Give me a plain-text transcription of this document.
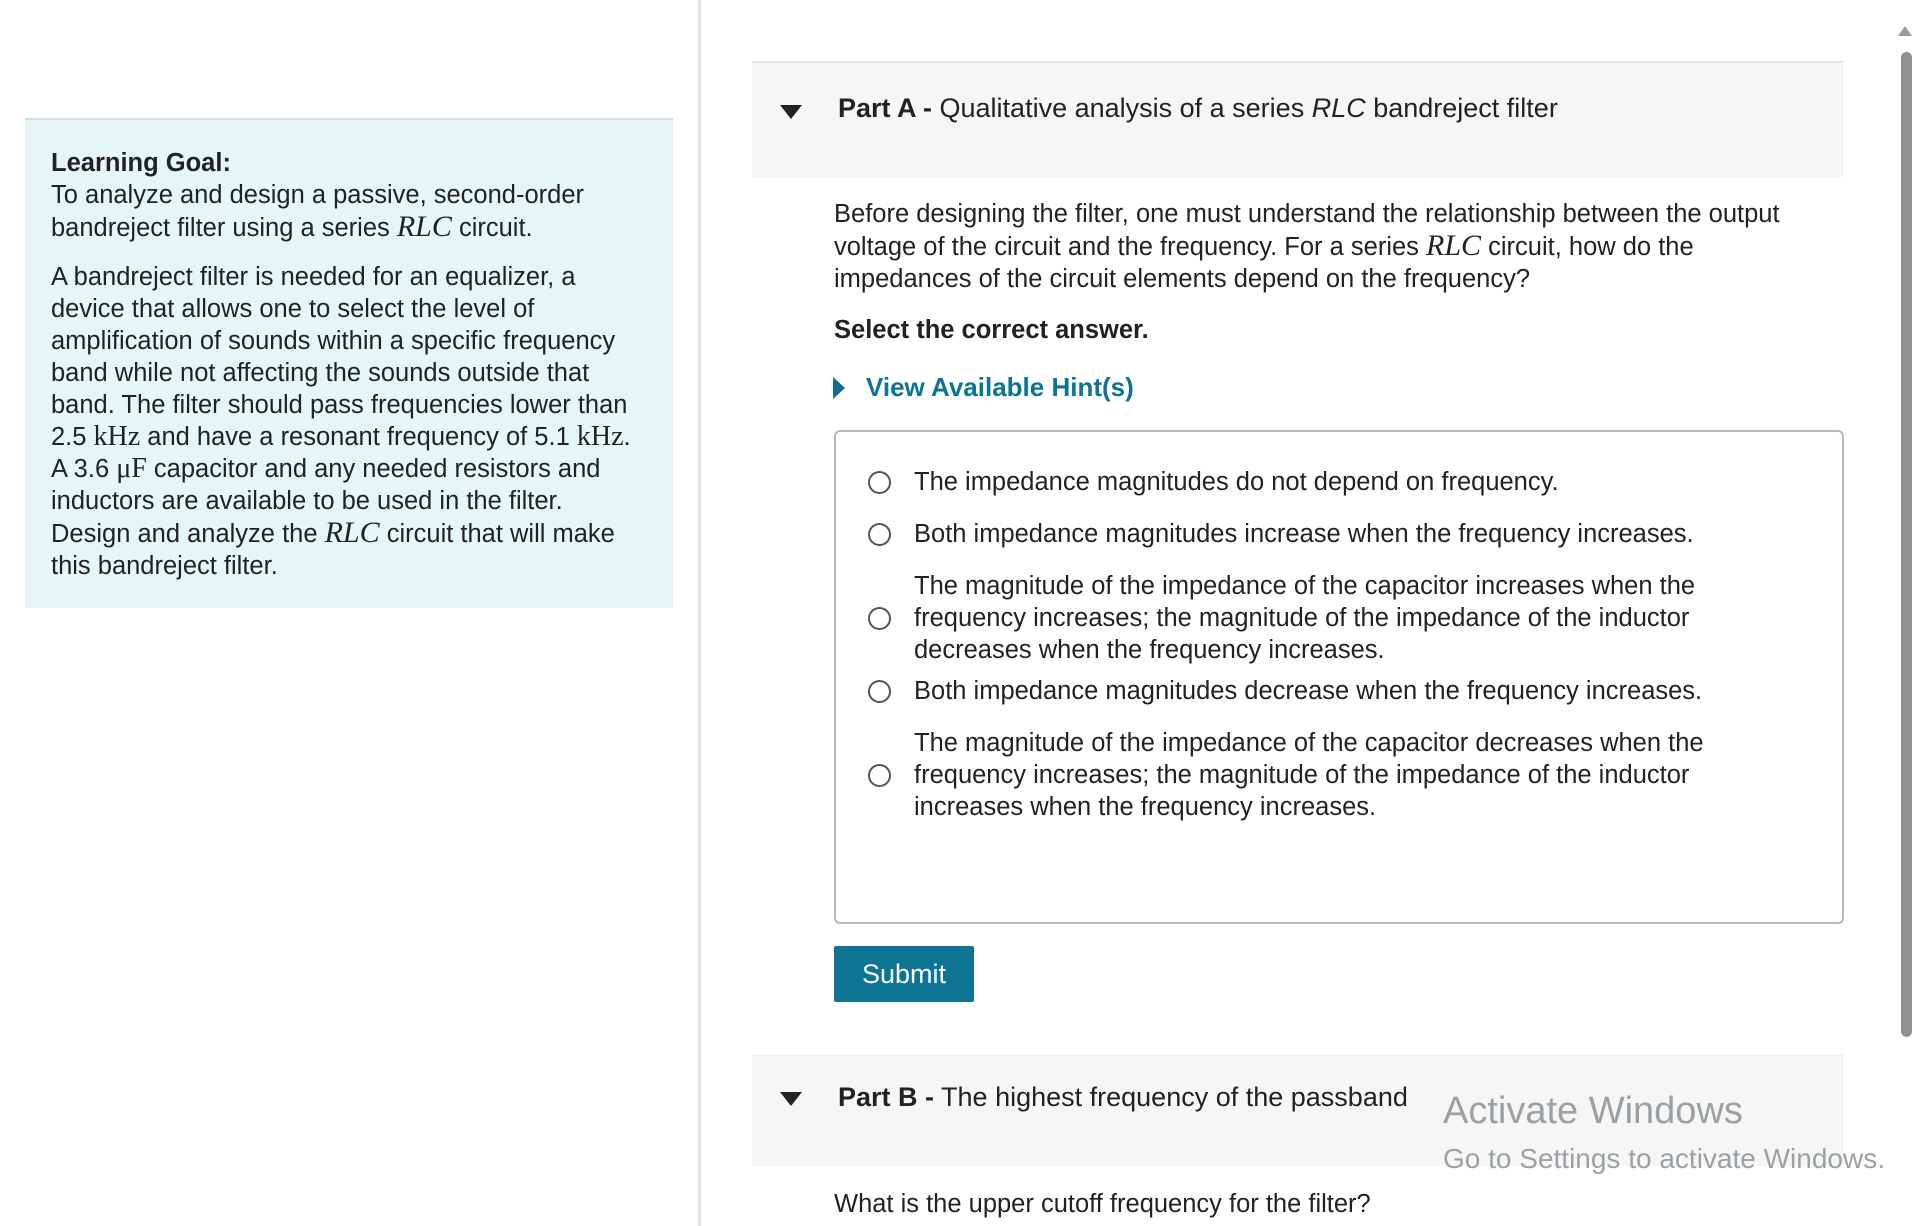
Learning Goal:
To analyze and design a passive, second-order bandreject filter using a series RLC circuit.
A bandreject filter is needed for an equalizer, a device that allows one to select the level of amplification of sounds within a specific frequency band while not affecting the sounds outside that band. The filter should pass frequencies lower than 2.5 kHz and have a resonant frequency of 5.1 kHz. A 3.6 μF capacitor and any needed resistors and inductors are available to be used in the filter. Design and analyze the RLC circuit that will make this bandreject filter.
Part A - Qualitative analysis of a series RLC bandreject filter
Before designing the filter, one must understand the relationship between the output voltage of the circuit and the frequency. For a series RLC circuit, how do the impedances of the circuit elements depend on the frequency?
Select the correct answer.
View Available Hint(s)
The impedance magnitudes do not depend on frequency.
Both impedance magnitudes increase when the frequency increases.
The magnitude of the impedance of the capacitor increases when the frequency increases; the magnitude of the impedance of the inductor decreases when the frequency increases.
Both impedance magnitudes decrease when the frequency increases.
The magnitude of the impedance of the capacitor decreases when the frequency increases; the magnitude of the impedance of the inductor increases when the frequency increases.
Submit
Part B - The highest frequency of the passband
What is the upper cutoff frequency for the filter?
Activate Windows
Go to Settings to activate Windows.
